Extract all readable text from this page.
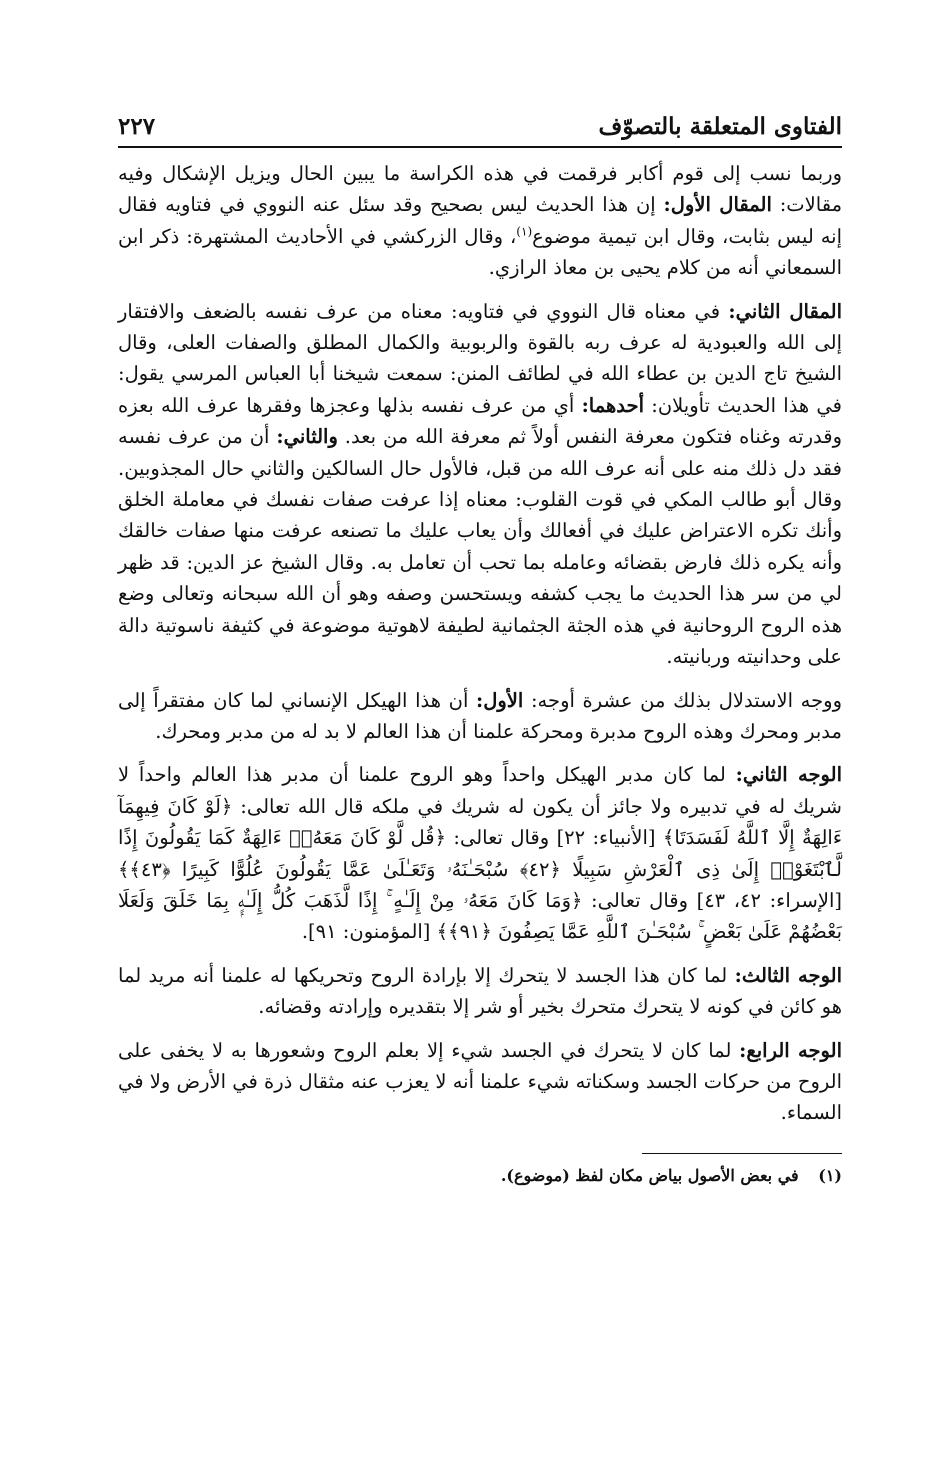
الفتاوى المتعلقة بالتصوّف
٢٢٧

وربما نسب إلى قوم أكابر فرقمت في هذه الكراسة ما يبين الحال ويزيل الإشكال وفيه مقالات: المقال الأول: إن هذا الحديث ليس بصحيح وقد سئل عنه النووي في فتاويه فقال إنه ليس بثابت، وقال ابن تيمية موضوع$^{(١)}$، وقال الزركشي في الأحاديث المشتهرة: ذكر ابن السمعاني أنه من كلام يحيى بن معاذ الرازي.

المقال الثاني: في معناه قال النووي في فتاويه: معناه من عرف نفسه بالضعف والافتقار إلى الله والعبودية له عرف ربه بالقوة والربوبية والكمال المطلق والصفات العلى، وقال الشيخ تاج الدين بن عطاء الله في لطائف المنن: سمعت شيخنا أبا العباس المرسي يقول: في هذا الحديث تأويلان: أحدهما: أي من عرف نفسه بذلها وعجزها وفقرها عرف الله بعزه وقدرته وغناه فتكون معرفة النفس أولاً ثم معرفة الله من بعد. والثاني: أن من عرف نفسه فقد دل ذلك منه على أنه عرف الله من قبل، فالأول حال السالكين والثاني حال المجذوبين. وقال أبو طالب المكي في قوت القلوب: معناه إذا عرفت صفات نفسك في معاملة الخلق وأنك تكره الاعتراض عليك في أفعالك وأن يعاب عليك ما تصنعه عرفت منها صفات خالقك وأنه يكره ذلك فارض بقضائه وعامله بما تحب أن تعامل به. وقال الشيخ عز الدين: قد ظهر لي من سر هذا الحديث ما يجب كشفه ويستحسن وصفه وهو أن الله سبحانه وتعالى وضع هذه الروح الروحانية في هذه الجثة الجثمانية لطيفة لاهوتية موضوعة في كثيفة ناسوتية دالة على وحدانيته وربانيته.

ووجه الاستدلال بذلك من عشرة أوجه: الأول: أن هذا الهيكل الإنساني لما كان مفتقراً إلى مدبر ومحرك وهذه الروح مدبرة ومحركة علمنا أن هذا العالم لا بد له من مدبر ومحرك.

الوجه الثاني: لما كان مدبر الهيكل واحداً وهو الروح علمنا أن مدبر هذا العالم واحداً لا شريك له في تدبيره ولا جائز أن يكون له شريك في ملكه قال الله تعالى: ﴿لَوْ كَانَ فِيهِمَآ ءَالِهَةٌ إِلَّا ٱللَّهُ لَفَسَدَتَا﴾ [الأنبياء: ٢٢] وقال تعالى: ﴿قُل لَّوْ كَانَ مَعَهُۥٓ ءَالِهَةٌ كَمَا يَقُولُونَ إِذًا لَّٱبْتَغَوْا۟ إِلَىٰ ذِى ٱلْعَرْشِ سَبِيلًا ﴿٤٢﴾ سُبْحَـٰنَهُۥ وَتَعَـٰلَىٰ عَمَّا يَقُولُونَ عُلُوًّا كَبِيرًا ﴿٤٣﴾﴾ [الإسراء: ٤٢، ٤٣] وقال تعالى: ﴿وَمَا كَانَ مَعَهُۥ مِنْ إِلَـٰهٍ ۚ إِذًا لَّذَهَبَ كُلُّ إِلَـٰهٍۭ بِمَا خَلَقَ وَلَعَلَا بَعْضُهُمْ عَلَىٰ بَعْضٍ ۚ سُبْحَـٰنَ ٱللَّهِ عَمَّا يَصِفُونَ ﴿٩١﴾﴾ [المؤمنون: ٩١].

الوجه الثالث: لما كان هذا الجسد لا يتحرك إلا بإرادة الروح وتحريكها له علمنا أنه مريد لما هو كائن في كونه لا يتحرك متحرك بخير أو شر إلا بتقديره وإرادته وقضائه.

الوجه الرابع: لما كان لا يتحرك في الجسد شيء إلا بعلم الروح وشعورها به لا يخفى على الروح من حركات الجسد وسكناته شيء علمنا أنه لا يعزب عنه مثقال ذرة في الأرض ولا في السماء.

(١) في بعض الأصول بياض مكان لفظ (موضوع).
